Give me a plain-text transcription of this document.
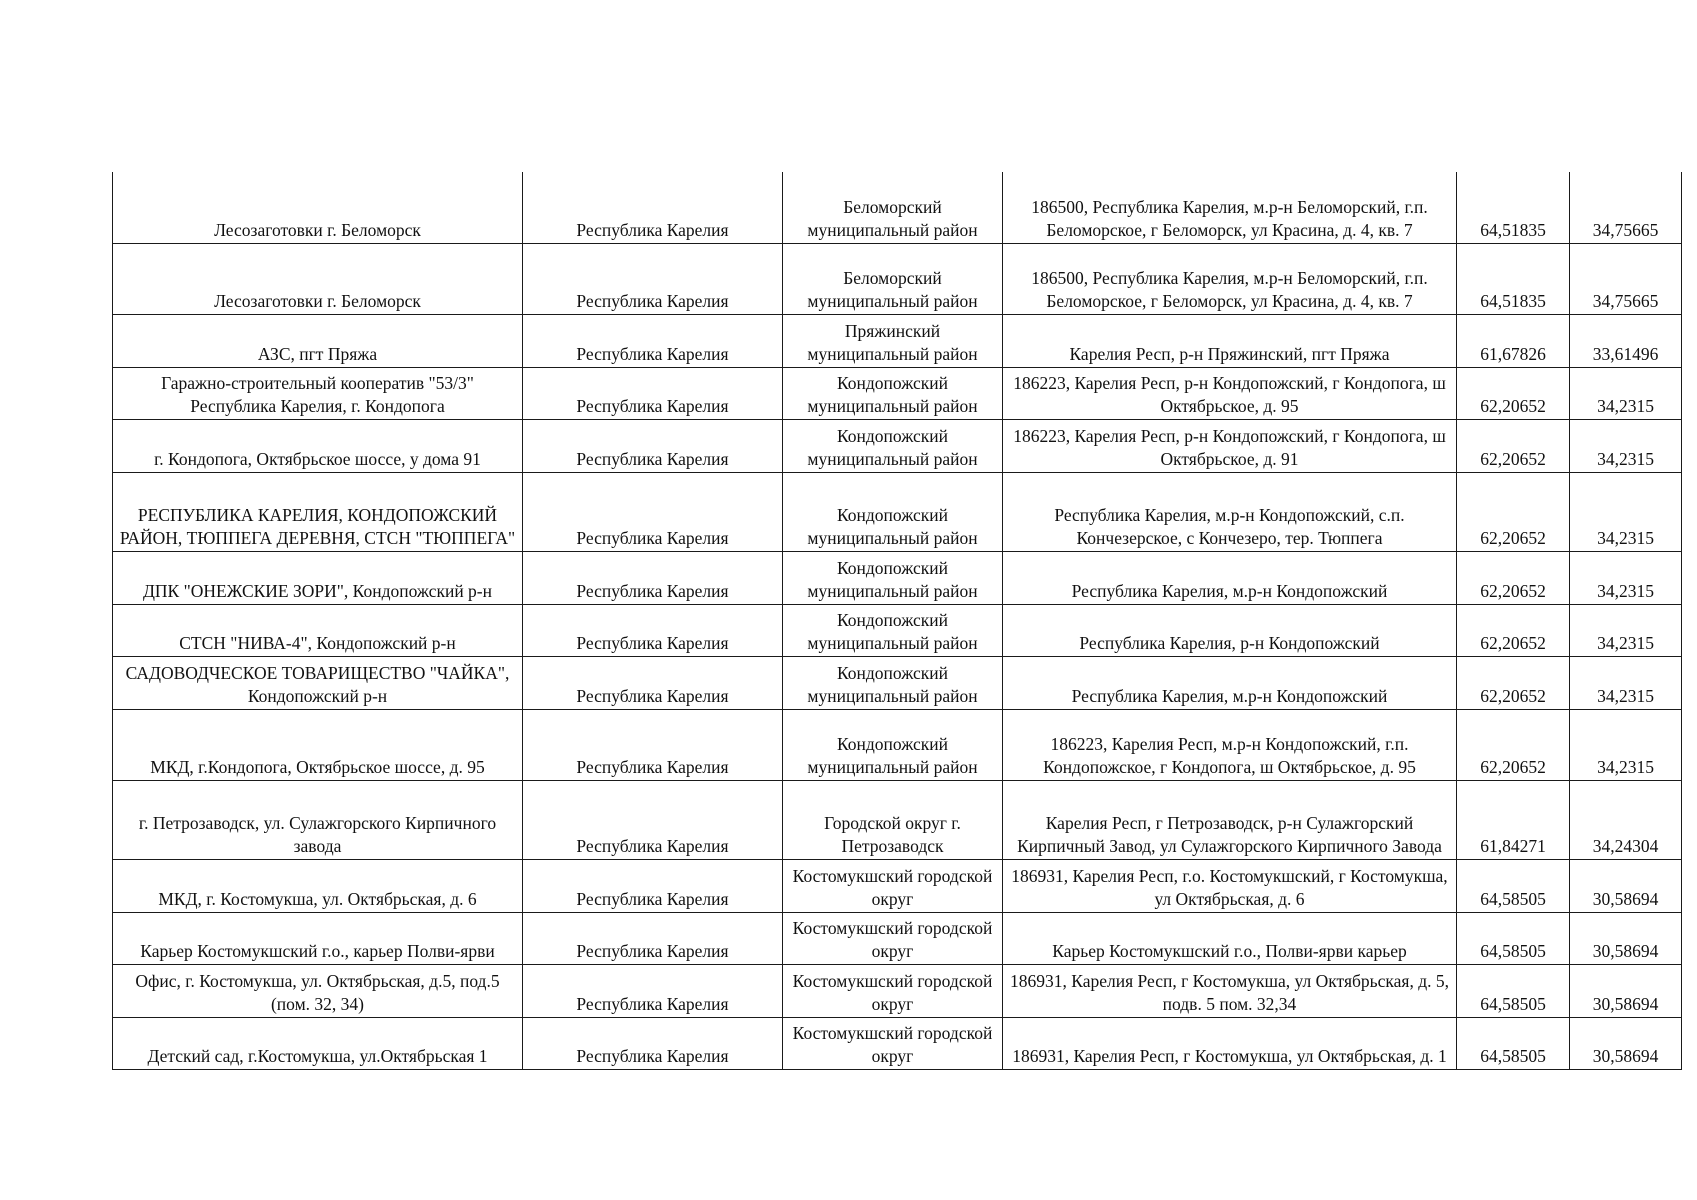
Лесозаготовки г. Беломорск	Республика Карелия	Беломорский муниципальный район	186500, Республика Карелия, м.р-н Беломорский, г.п. Беломорское, г Беломорск, ул Красина, д. 4, кв. 7	64,51835	34,75665
Лесозаготовки г. Беломорск	Республика Карелия	Беломорский муниципальный район	186500, Республика Карелия, м.р-н Беломорский, г.п. Беломорское, г Беломорск, ул Красина, д. 4, кв. 7	64,51835	34,75665
АЗС, пгт Пряжа	Республика Карелия	Пряжинский муниципальный район	Карелия Респ, р-н Пряжинский, пгт Пряжа	61,67826	33,61496
Гаражно-строительный кооператив "53/3" Республика Карелия, г. Кондопога	Республика Карелия	Кондопожский муниципальный район	186223, Карелия Респ, р-н Кондопожский, г Кондопога, ш Октябрьское, д. 95	62,20652	34,2315
г. Кондопога, Октябрьское шоссе, у дома 91	Республика Карелия	Кондопожский муниципальный район	186223, Карелия Респ, р-н Кондопожский, г Кондопога, ш Октябрьское, д. 91	62,20652	34,2315
РЕСПУБЛИКА КАРЕЛИЯ, КОНДОПОЖСКИЙ РАЙОН, ТЮППЕГА ДЕРЕВНЯ, СТСН "ТЮППЕГА"	Республика Карелия	Кондопожский муниципальный район	Республика Карелия, м.р-н Кондопожский, с.п. Кончезерское, с Кончезеро, тер. Тюппега	62,20652	34,2315
ДПК "ОНЕЖСКИЕ ЗОРИ", Кондопожский р-н	Республика Карелия	Кондопожский муниципальный район	Республика Карелия, м.р-н Кондопожский	62,20652	34,2315
СТСН "НИВА-4", Кондопожский р-н	Республика Карелия	Кондопожский муниципальный район	Республика Карелия, р-н Кондопожский	62,20652	34,2315
САДОВОДЧЕСКОЕ ТОВАРИЩЕСТВО "ЧАЙКА", Кондопожский р-н	Республика Карелия	Кондопожский муниципальный район	Республика Карелия, м.р-н Кондопожский	62,20652	34,2315
МКД, г.Кондопога, Октябрьское шоссе, д. 95	Республика Карелия	Кондопожский муниципальный район	186223, Карелия Респ, м.р-н Кондопожский, г.п. Кондопожское, г Кондопога, ш Октябрьское, д. 95	62,20652	34,2315
г. Петрозаводск, ул. Сулажгорского Кирпичного завода	Республика Карелия	Городской округ г. Петрозаводск	Карелия Респ, г Петрозаводск, р-н Сулажгорский Кирпичный Завод, ул Сулажгорского Кирпичного Завода	61,84271	34,24304
МКД, г. Костомукша, ул. Октябрьская, д. 6	Республика Карелия	Костомукшский городской округ	186931, Карелия Респ, г.о. Костомукшский, г Костомукша, ул Октябрьская, д. 6	64,58505	30,58694
Карьер Костомукшский г.о., карьер Полви-ярви	Республика Карелия	Костомукшский городской округ	Карьер Костомукшский г.о., Полви-ярви карьер	64,58505	30,58694
Офис, г. Костомукша, ул. Октябрьская, д.5, под.5 (пом. 32, 34)	Республика Карелия	Костомукшский городской округ	186931, Карелия Респ, г Костомукша, ул Октябрьская, д. 5, подв. 5 пом. 32,34	64,58505	30,58694
Детский сад, г.Костомукша, ул.Октябрьская 1	Республика Карелия	Костомукшский городской округ	186931, Карелия Респ, г Костомукша, ул Октябрьская, д. 1	64,58505	30,58694
